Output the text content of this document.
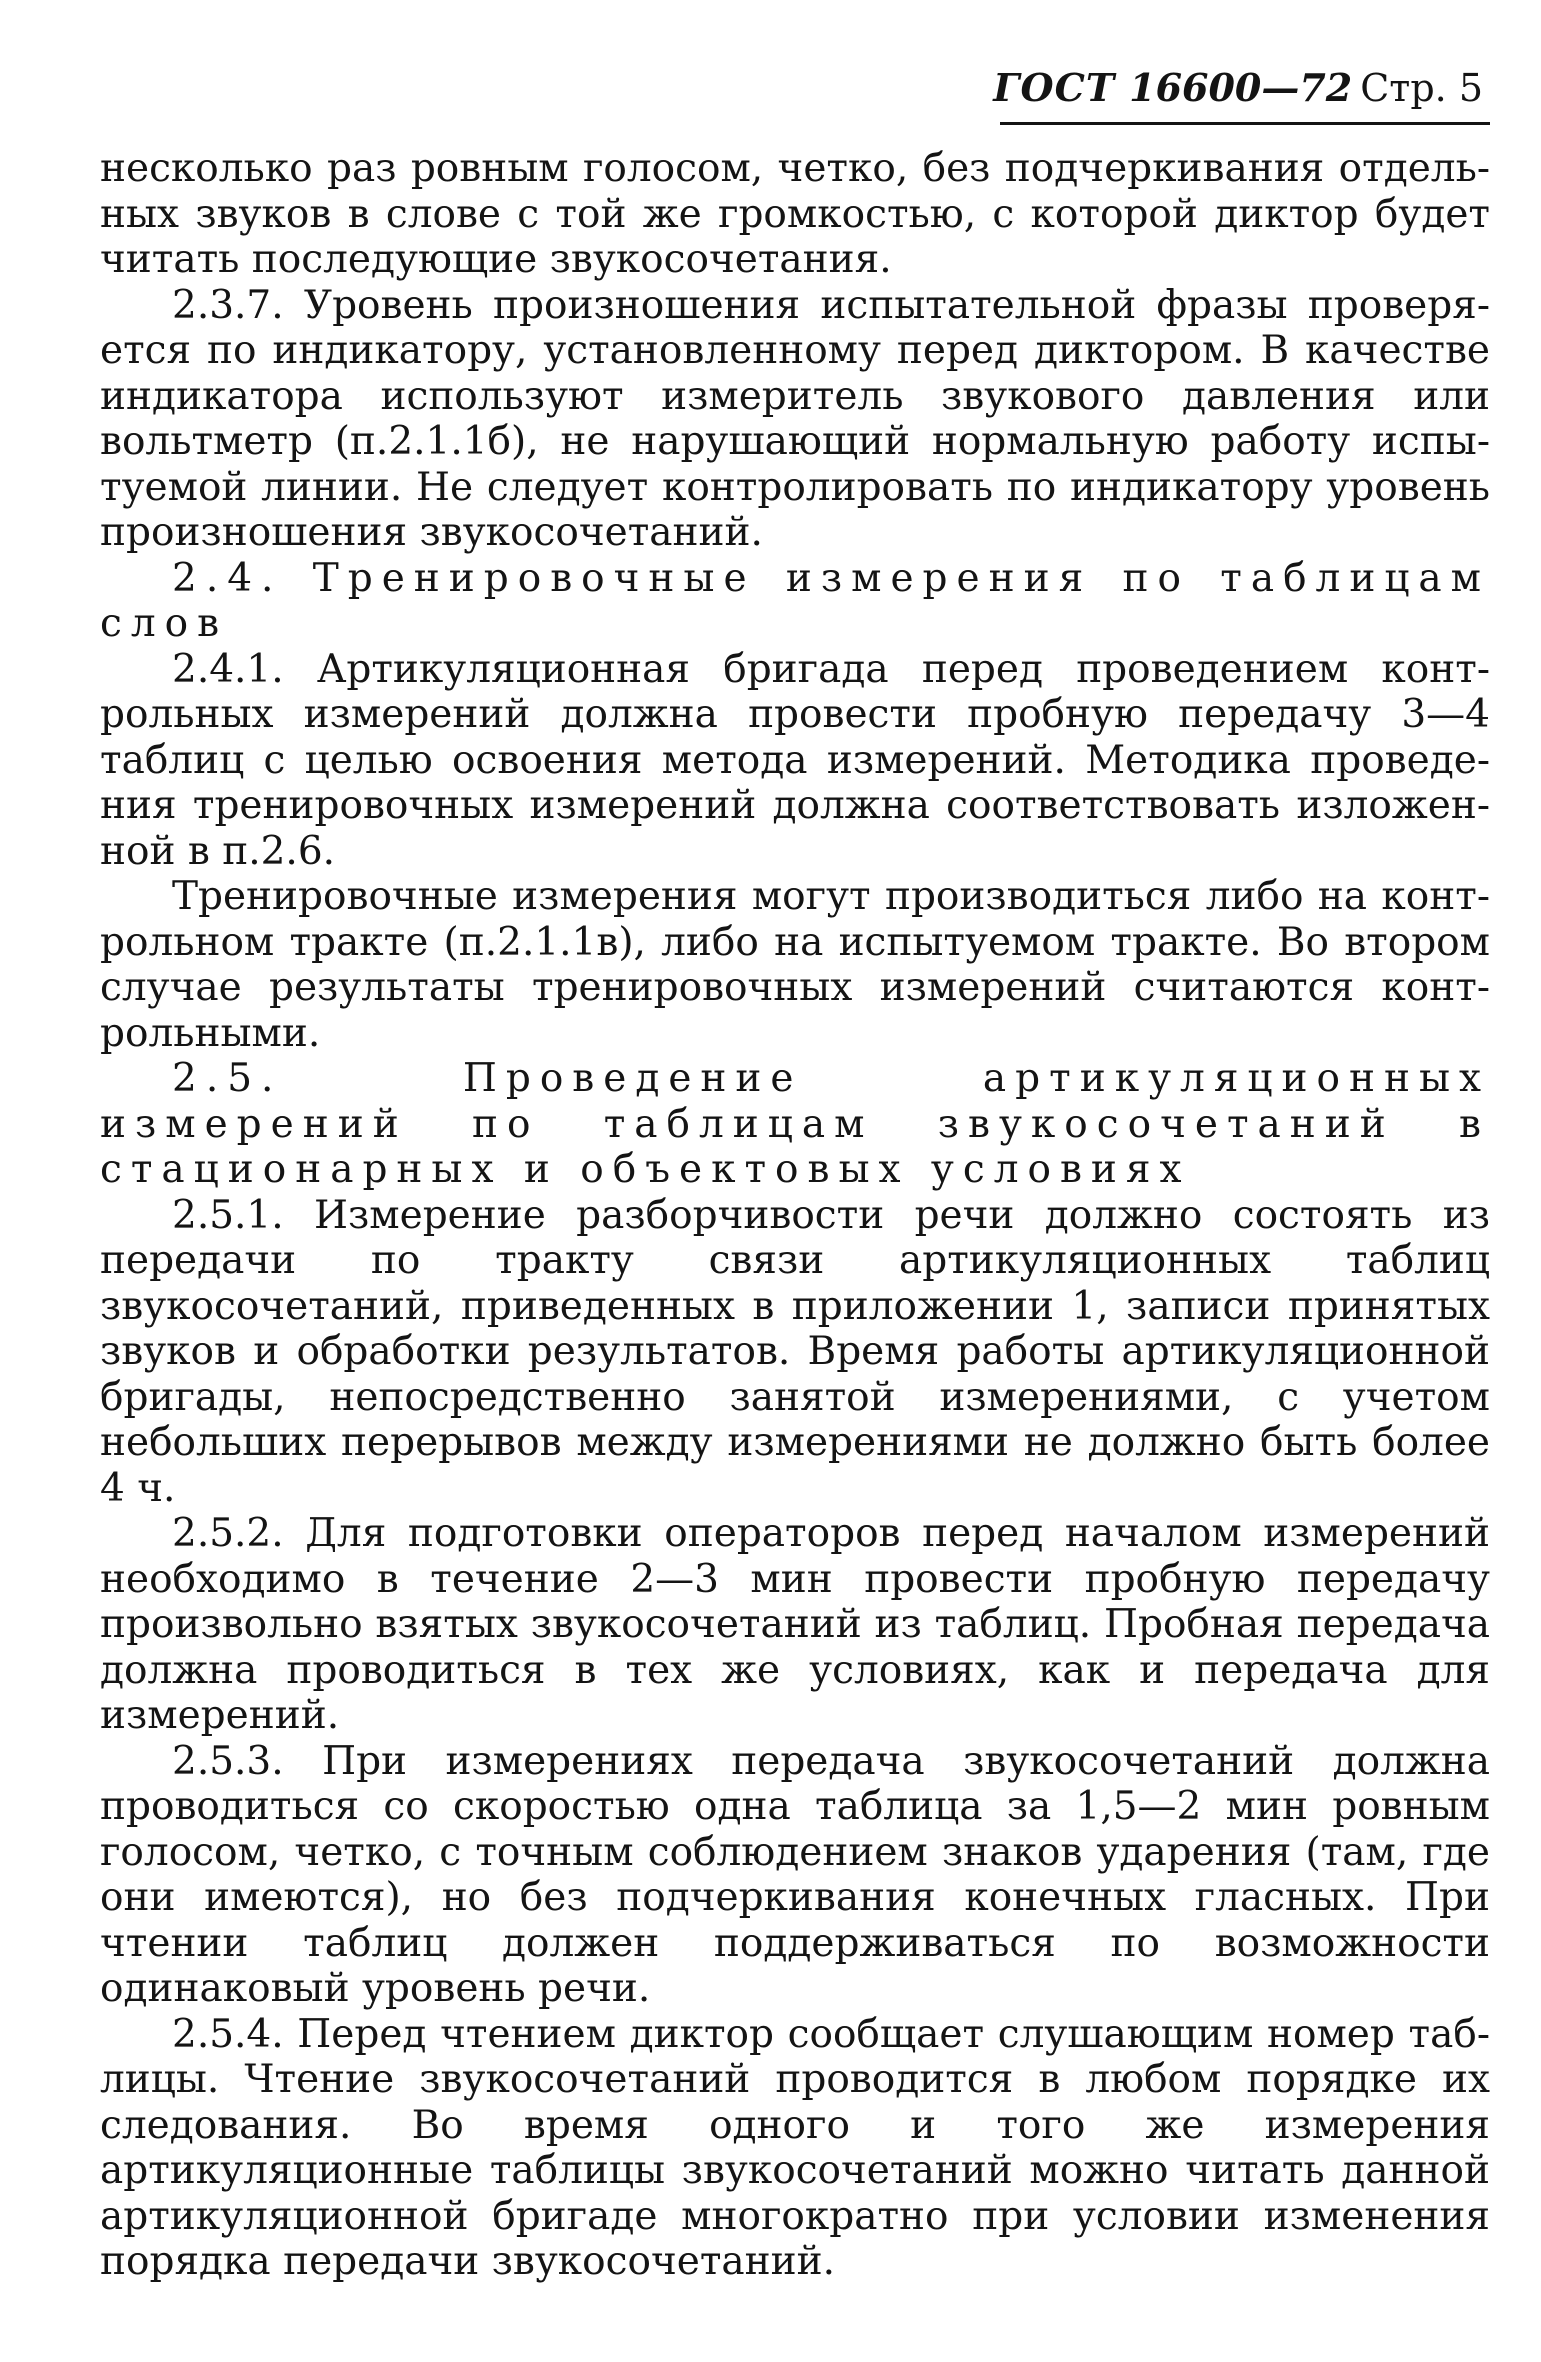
ГОСТ 16600—72 Стр. 5

несколько раз ровным голосом, четко, без подчеркивания отдельных звуков в слове с той же громкостью, с которой диктор будет читать последующие звукосочетания.

2.3.7. Уровень произношения испытательной фразы проверяется по индикатору, установленному перед диктором. В качестве индикатора используют измеритель звукового давления или вольтметр (п.2.1.1б), не нарушающий нормальную работу испытуемой линии. Не следует контролировать по индикатору уровень произношения звукосочетаний.

2.4. Тренировочные измерения по таблицам слов

2.4.1. Артикуляционная бригада перед проведением контрольных измерений должна провести пробную передачу 3—4 таблиц с целью освоения метода измерений. Методика проведения тренировочных измерений должна соответствовать изложенной в п.2.6.

Тренировочные измерения могут производиться либо на контрольном тракте (п.2.1.1в), либо на испытуемом тракте. Во втором случае результаты тренировочных измерений считаются контрольными.

2.5. Проведение артикуляционных измерений по таблицам звукосочетаний в стационарных и объектовых условиях

2.5.1. Измерение разборчивости речи должно состоять из передачи по тракту связи артикуляционных таблиц звукосочетаний, приведенных в приложении 1, записи принятых звуков и обработки результатов. Время работы артикуляционной бригады, непосредственно занятой измерениями, с учетом небольших перерывов между измерениями не должно быть более 4 ч.

2.5.2. Для подготовки операторов перед началом измерений необходимо в течение 2—3 мин провести пробную передачу произвольно взятых звукосочетаний из таблиц. Пробная передача должна проводиться в тех же условиях, как и передача для измерений.

2.5.3. При измерениях передача звукосочетаний должна проводиться со скоростью одна таблица за 1,5—2 мин ровным голосом, четко, с точным соблюдением знаков ударения (там, где они имеются), но без подчеркивания конечных гласных. При чтении таблиц должен поддерживаться по возможности одинаковый уровень речи.

2.5.4. Перед чтением диктор сообщает слушающим номер таблицы. Чтение звукосочетаний проводится в любом порядке их следования. Во время одного и того же измерения артикуляционные таблицы звукосочетаний можно читать данной артикуляционной бригаде многократно при условии изменения порядка передачи звукосочетаний.
